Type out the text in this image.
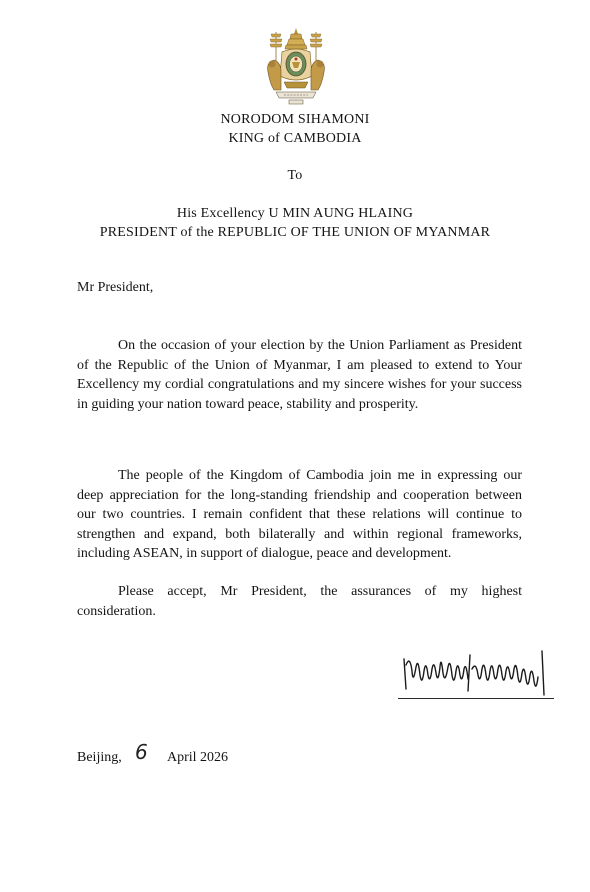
NORODOM SIHAMONI
KING of CAMBODIA
To
His Excellency U MIN AUNG HLAING
PRESIDENT of the REPUBLIC OF THE UNION OF MYANMAR
Mr President,

On the occasion of your election by the Union Parliament as President of the Republic of the Union of Myanmar, I am pleased to extend to Your Excellency my cordial congratulations and my sincere wishes for your success in guiding your nation toward peace, stability and prosperity.

The people of the Kingdom of Cambodia join me in expressing our deep appreciation for the long-standing friendship and cooperation between our two countries. I remain confident that these relations will continue to strengthen and expand, both bilaterally and within regional frameworks, including ASEAN, in support of dialogue, peace and development.

Please accept, Mr President, the assurances of my highest consideration.

Beijing, 6 April 2026
